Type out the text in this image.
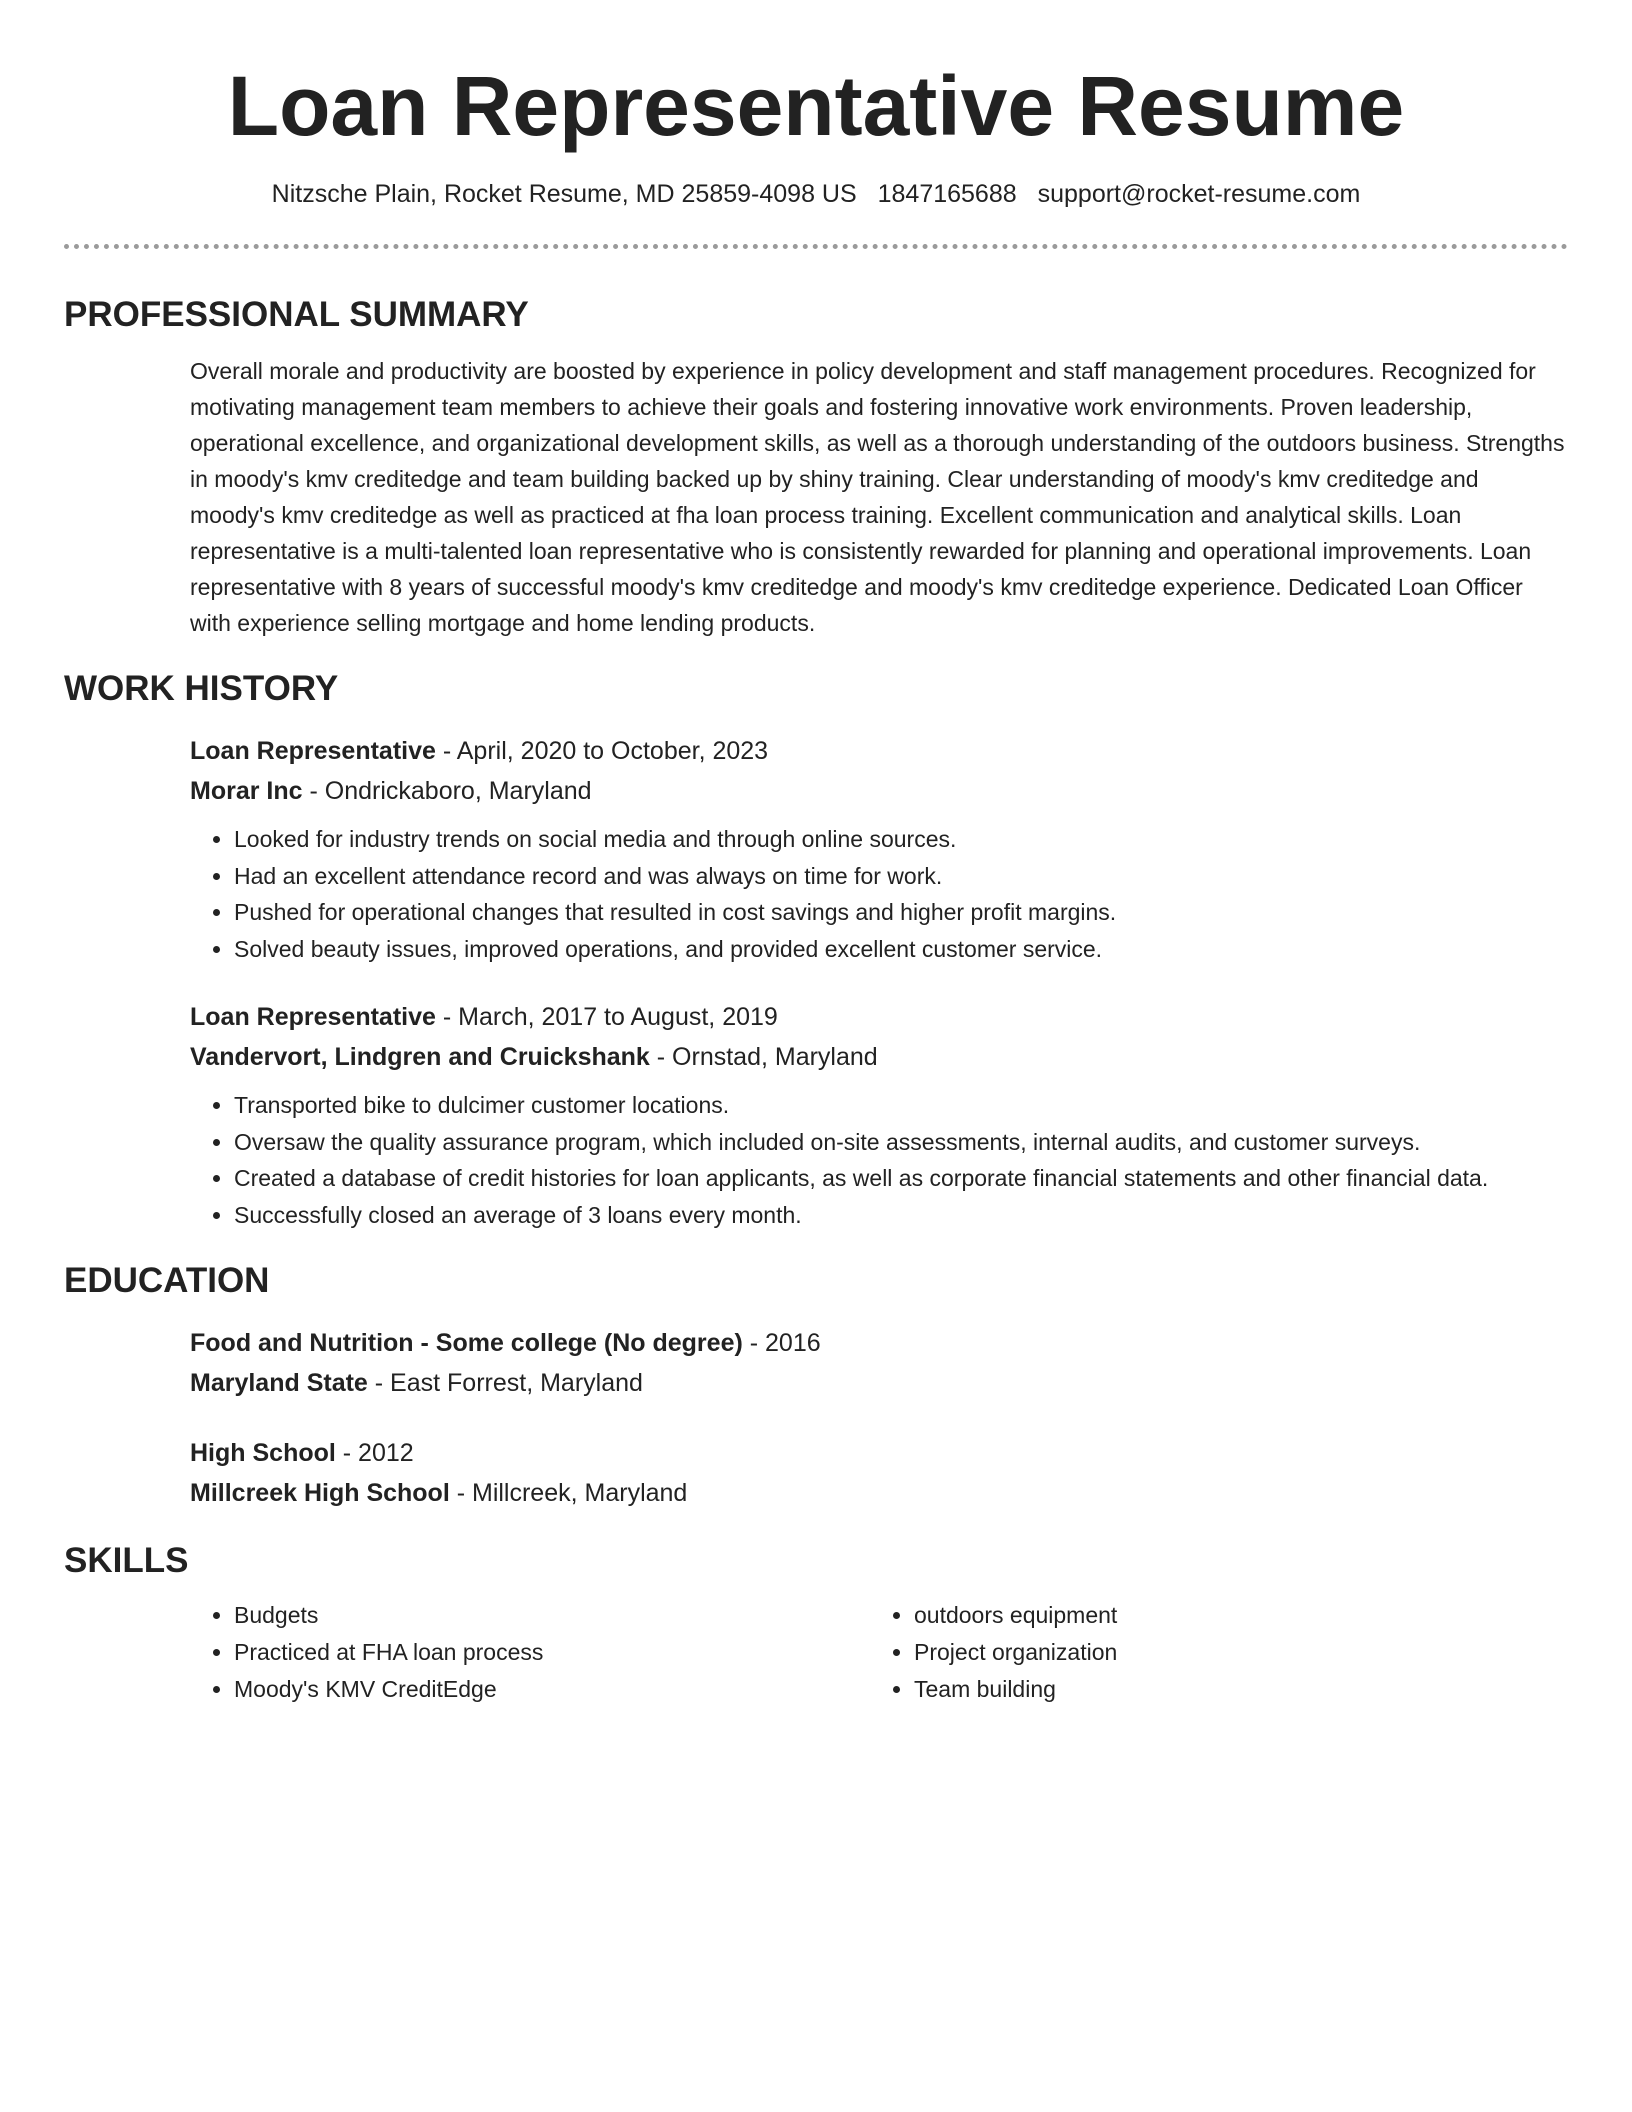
Loan Representative Resume
Nitzsche Plain, Rocket Resume, MD 25859-4098 US 1847165688 support@rocket-resume.com
PROFESSIONAL SUMMARY

Overall morale and productivity are boosted by experience in policy development and staff management procedures. Recognized for motivating management team members to achieve their goals and fostering innovative work environments. Proven leadership, operational excellence, and organizational development skills, as well as a thorough understanding of the outdoors business. Strengths in moody's kmv creditedge and team building backed up by shiny training. Clear understanding of moody's kmv creditedge and moody's kmv creditedge as well as practiced at fha loan process training. Excellent communication and analytical skills. Loan representative is a multi-talented loan representative who is consistently rewarded for planning and operational improvements. Loan representative with 8 years of successful moody's kmv creditedge and moody's kmv creditedge experience. Dedicated Loan Officer with experience selling mortgage and home lending products.

WORK HISTORY
Loan Representative - April, 2020 to October, 2023
Morar Inc - Ondrickaboro, Maryland
• Looked for industry trends on social media and through online sources.
• Had an excellent attendance record and was always on time for work.
• Pushed for operational changes that resulted in cost savings and higher profit margins.
• Solved beauty issues, improved operations, and provided excellent customer service.
Loan Representative - March, 2017 to August, 2019
Vandervort, Lindgren and Cruickshank - Ornstad, Maryland
• Transported bike to dulcimer customer locations.
• Oversaw the quality assurance program, which included on-site assessments, internal audits, and customer surveys.
• Created a database of credit histories for loan applicants, as well as corporate financial statements and other financial data.
• Successfully closed an average of 3 loans every month.
EDUCATION
Food and Nutrition - Some college (No degree) - 2016
Maryland State - East Forrest, Maryland
High School - 2012
Millcreek High School - Millcreek, Maryland
SKILLS
• Budgets
• Practiced at FHA loan process
• Moody's KMV CreditEdge
• outdoors equipment
• Project organization
• Team building
